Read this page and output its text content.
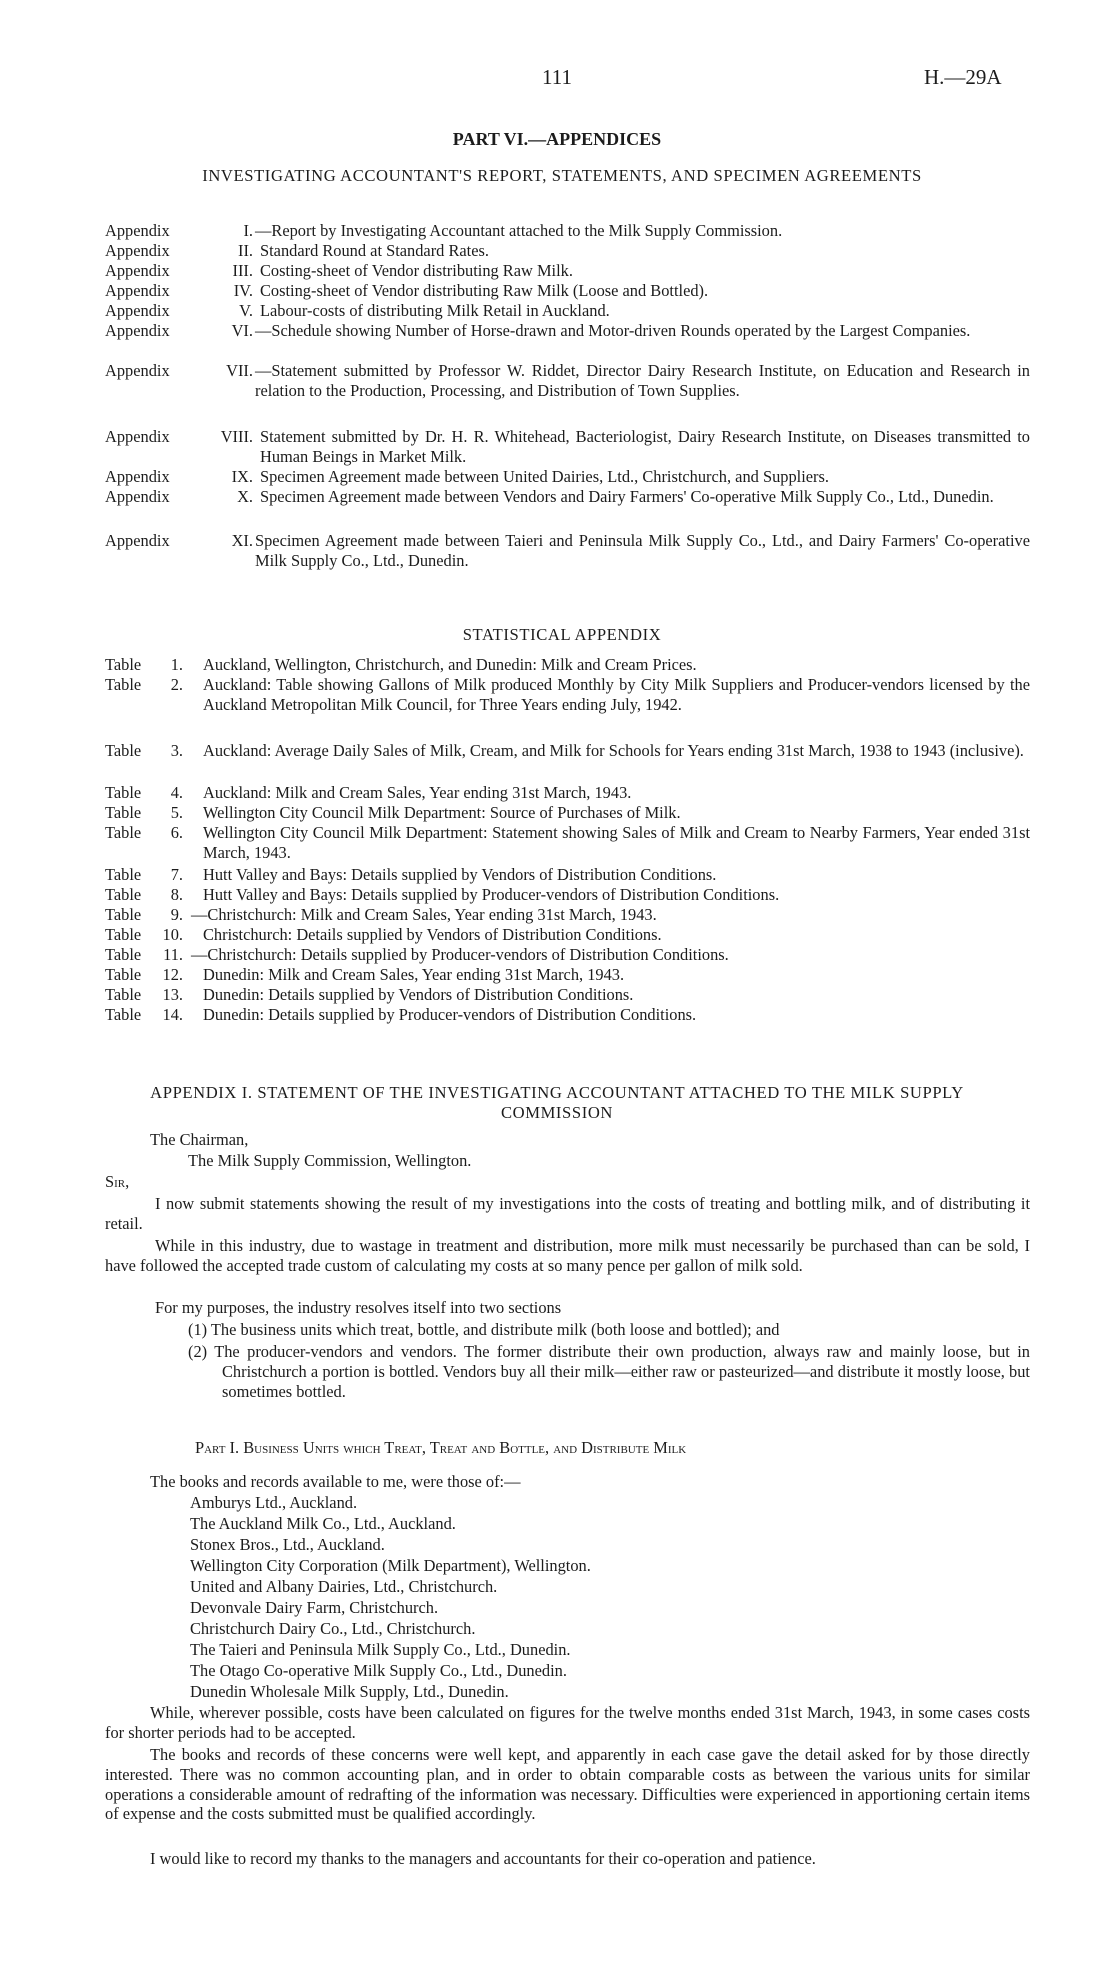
111	H.—29A
PART VI.—APPENDICES
INVESTIGATING ACCOUNTANT'S REPORT, STATEMENTS, AND SPECIMEN AGREEMENTS
Appendix	I. —Report by Investigating Accountant attached to the Milk Supply Commission.
Appendix	II. Standard Round at Standard Rates.
Appendix	III. Costing-sheet of Vendor distributing Raw Milk.
Appendix	IV. Costing-sheet of Vendor distributing Raw Milk (Loose and Bottled).
Appendix	V. Labour-costs of distributing Milk Retail in Auckland.
Appendix	VI. —Schedule showing Number of Horse-drawn and Motor-driven Rounds operated by the Largest Companies.
Appendix	VII. —Statement submitted by Professor W. Riddet, Director Dairy Research Institute, on Education and Research in relation to the Production, Processing, and Distribution of Town Supplies.
Appendix	VIII. Statement submitted by Dr. H. R. Whitehead, Bacteriologist, Dairy Research Institute, on Diseases transmitted to Human Beings in Market Milk.
Appendix	IX. Specimen Agreement made between United Dairies, Ltd., Christchurch, and Suppliers.
Appendix	X. Specimen Agreement made between Vendors and Dairy Farmers' Co-operative Milk Supply Co., Ltd., Dunedin.
Appendix	XI. Specimen Agreement made between Taieri and Peninsula Milk Supply Co., Ltd., and Dairy Farmers' Co-operative Milk Supply Co., Ltd., Dunedin.
STATISTICAL APPENDIX
Table	1. Auckland, Wellington, Christchurch, and Dunedin: Milk and Cream Prices.
Table	2. Auckland: Table showing Gallons of Milk produced Monthly by City Milk Suppliers and Producer-vendors licensed by the Auckland Metropolitan Milk Council, for Three Years ending July, 1942.
Table	3. Auckland: Average Daily Sales of Milk, Cream, and Milk for Schools for Years ending 31st March, 1938 to 1943 (inclusive).
Table	4. Auckland: Milk and Cream Sales, Year ending 31st March, 1943.
Table	5. Wellington City Council Milk Department: Source of Purchases of Milk.
Table	6. Wellington City Council Milk Department: Statement showing Sales of Milk and Cream to Nearby Farmers, Year ended 31st March, 1943.
Table	7. Hutt Valley and Bays: Details supplied by Vendors of Distribution Conditions.
Table	8. Hutt Valley and Bays: Details supplied by Producer-vendors of Distribution Conditions.
Table	9. —Christchurch: Milk and Cream Sales, Year ending 31st March, 1943.
Table	10. Christchurch: Details supplied by Vendors of Distribution Conditions.
Table	11. —Christchurch: Details supplied by Producer-vendors of Distribution Conditions.
Table	12. Dunedin: Milk and Cream Sales, Year ending 31st March, 1943.
Table	13. Dunedin: Details supplied by Vendors of Distribution Conditions.
Table	14. Dunedin: Details supplied by Producer-vendors of Distribution Conditions.
APPENDIX I. STATEMENT OF THE INVESTIGATING ACCOUNTANT ATTACHED TO THE MILK SUPPLY COMMISSION
The Chairman,
The Milk Supply Commission, Wellington.
Sir,
I now submit statements showing the result of my investigations into the costs of treating and bottling milk, and of distributing it retail.
While in this industry, due to wastage in treatment and distribution, more milk must necessarily be purchased than can be sold, I have followed the accepted trade custom of calculating my costs at so many pence per gallon of milk sold.
For my purposes, the industry resolves itself into two sections
(1) The business units which treat, bottle, and distribute milk (both loose and bottled); and
(2) The producer-vendors and vendors. The former distribute their own production, always raw and mainly loose, but in Christchurch a portion is bottled. Vendors buy all their milk—either raw or pasteurized—and distribute it mostly loose, but sometimes bottled.
Part I. Business Units which Treat, Treat and Bottle, and Distribute Milk
The books and records available to me, were those of:—
Amburys Ltd., Auckland.
The Auckland Milk Co., Ltd., Auckland.
Stonex Bros., Ltd., Auckland.
Wellington City Corporation (Milk Department), Wellington.
United and Albany Dairies, Ltd., Christchurch.
Devonvale Dairy Farm, Christchurch.
Christchurch Dairy Co., Ltd., Christchurch.
The Taieri and Peninsula Milk Supply Co., Ltd., Dunedin.
The Otago Co-operative Milk Supply Co., Ltd., Dunedin.
Dunedin Wholesale Milk Supply, Ltd., Dunedin.
While, wherever possible, costs have been calculated on figures for the twelve months ended 31st March, 1943, in some cases costs for shorter periods had to be accepted.
The books and records of these concerns were well kept, and apparently in each case gave the detail asked for by those directly interested. There was no common accounting plan, and in order to obtain comparable costs as between the various units for similar operations a considerable amount of redrafting of the information was necessary. Difficulties were experienced in apportioning certain items of expense and the costs submitted must be qualified accordingly.
I would like to record my thanks to the managers and accountants for their co-operation and patience.
